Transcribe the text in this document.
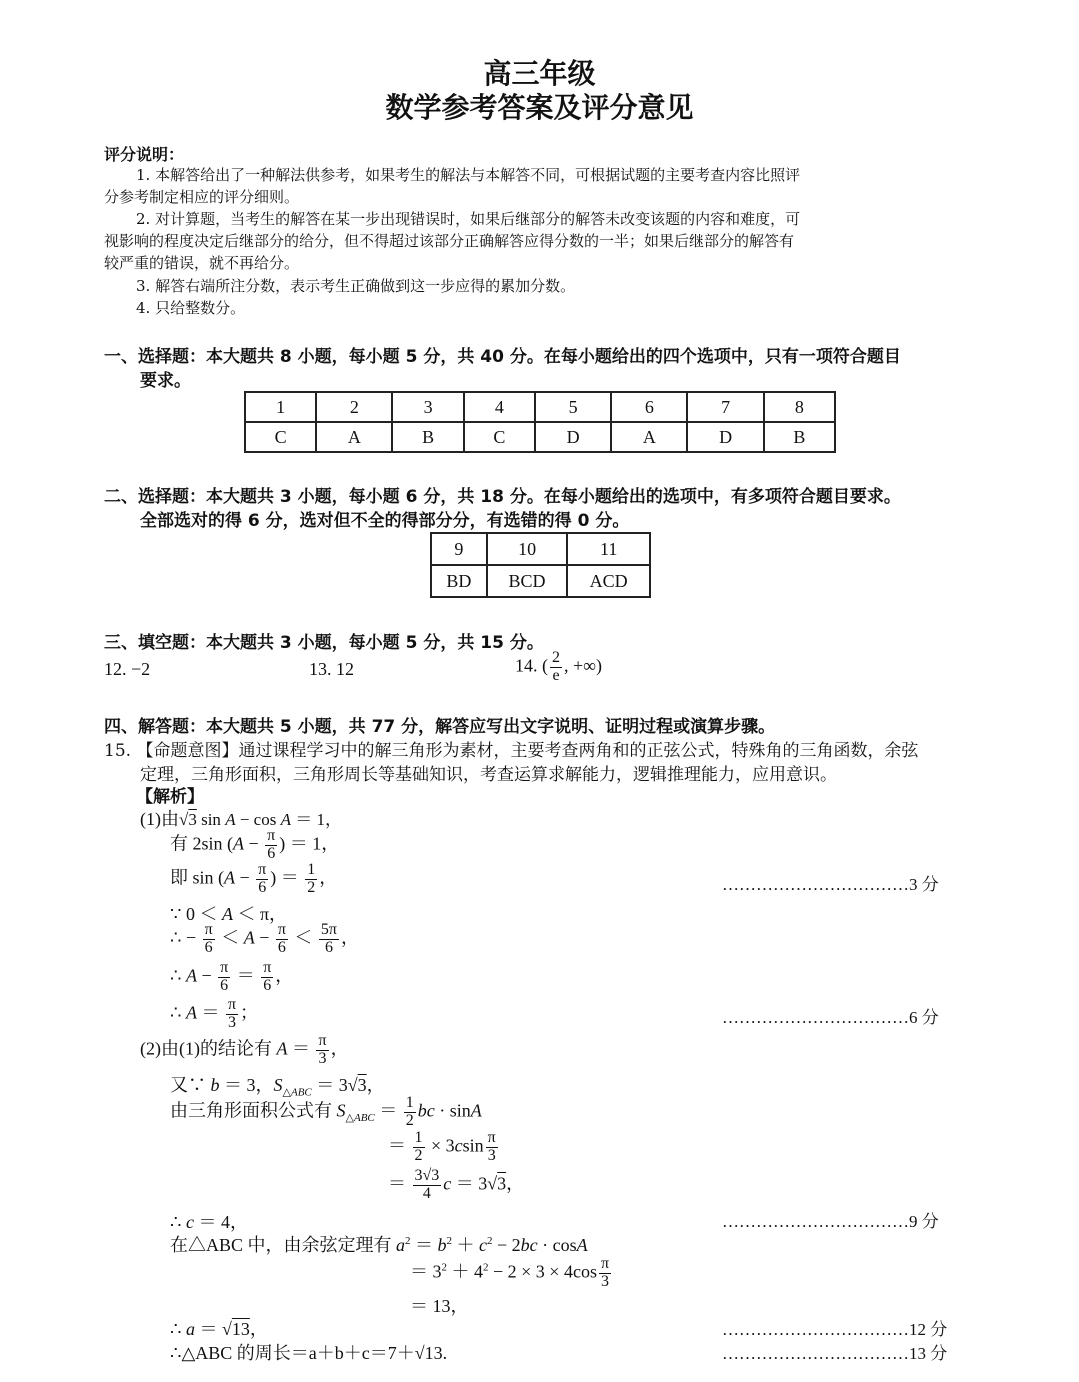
高三年级
数学参考答案及评分意见
评分说明：
1. 本解答给出了一种解法供参考，如果考生的解法与本解答不同，可根据试题的主要考查内容比照评
分参考制定相应的评分细则。
2. 对计算题，当考生的解答在某一步出现错误时，如果后继部分的解答未改变该题的内容和难度，可
视影响的程度决定后继部分的给分，但不得超过该部分正确解答应得分数的一半；如果后继部分的解答有
较严重的错误，就不再给分。
3. 解答右端所注分数，表示考生正确做到这一步应得的累加分数。
4. 只给整数分。
一、选择题：本大题共 8 小题，每小题 5 分，共 40 分。在每小题给出的四个选项中，只有一项符合题目
要求。
1	2	3	4	5	6	7	8
C	A	B	C	D	A	D	B
二、选择题：本大题共 3 小题，每小题 6 分，共 18 分。在每小题给出的选项中，有多项符合题目要求。
全部选对的得 6 分，选对但不全的得部分分，有选错的得 0 分。
9	10	11
BD	BCD	ACD
三、填空题：本大题共 3 小题，每小题 5 分，共 15 分。
12. −2	13. 12	14. ( $\frac{2}{e}$ , +∞)
四、解答题：本大题共 5 小题，共 77 分，解答应写出文字说明、证明过程或演算步骤。
15. 【命题意图】通过课程学习中的解三角形为素材，主要考查两角和的正弦公式，特殊角的三角函数，余弦
定理，三角形面积，三角形周长等基础知识，考查运算求解能力，逻辑推理能力，应用意识。
【解析】
(1)由√3 sin A − cos A ＝ 1，
有 2sin ($A - \frac{\pi}{6}$ ) ＝ 1，
即 $\sin (A - \frac{\pi}{6}$ ) ＝ $\frac{1}{2}$ ，	……………………………3 分
∵ 0 ＜ A ＜ π，
∴ − $\frac{\pi}{6} < A - \frac{\pi}{6} < \frac{5\pi}{6}$ ，
∴ $A - \frac{\pi}{6} = \frac{\pi}{6}$ ，
∴ $A = \frac{\pi}{3}$ ；	……………………………6 分
(2)由(1)的结论有 $A = \frac{\pi}{3}$ ，
又∵ b ＝ 3，$S_{\triangle ABC} = 3√3$，
由三角形面积公式有 $S_{\triangle ABC} = \frac{1}{2}$ bc · sinA
＝ $\frac{1}{2} \times 3csin \frac{\pi}{3}$
＝ $\frac{3√3}{4}$ c ＝ 3√3，
∴ c ＝ 4，	……………………………9 分
在△ABC 中，由余弦定理有 $a^2 = b^2 + c^2 - 2bc \cdot \cos A$
＝ $3^2 + 4^2 - 2 \times 3 \times 4\cos \frac{\pi}{3}$
＝ 13，
∴ a ＝ √13，	……………………………12 分
∴△ABC 的周长＝a＋b＋c＝7＋√13.	……………………………13 分
